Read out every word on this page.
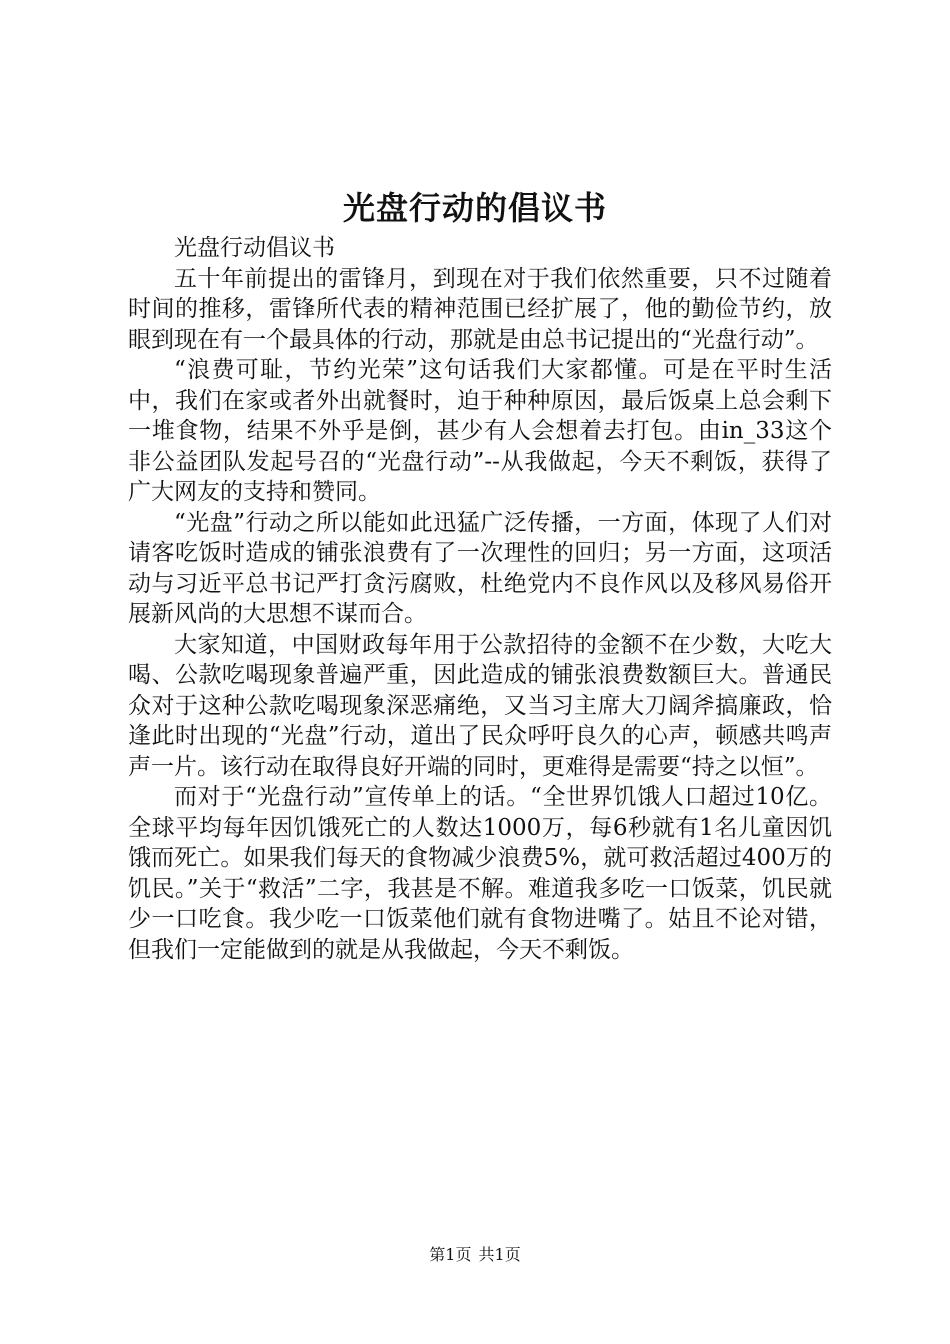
光盘行动的倡议书

光盘行动倡议书

五十年前提出的雷锋月，到现在对于我们依然重要，只不过随着时间的推移，雷锋所代表的精神范围已经扩展了，他的勤俭节约，放眼到现在有一个最具体的行动，那就是由总书记提出的“光盘行动”。

“浪费可耻，节约光荣”这句话我们大家都懂。可是在平时生活中，我们在家或者外出就餐时，迫于种种原因，最后饭桌上总会剩下一堆食物，结果不外乎是倒，甚少有人会想着去打包。由in_33这个非公益团队发起号召的“光盘行动”--从我做起，今天不剩饭，获得了广大网友的支持和赞同。

“光盘”行动之所以能如此迅猛广泛传播，一方面，体现了人们对请客吃饭时造成的铺张浪费有了一次理性的回归；另一方面，这项活动与习近平总书记严打贪污腐败，杜绝党内不良作风以及移风易俗开展新风尚的大思想不谋而合。

大家知道，中国财政每年用于公款招待的金额不在少数，大吃大喝、公款吃喝现象普遍严重，因此造成的铺张浪费数额巨大。普通民众对于这种公款吃喝现象深恶痛绝，又当习主席大刀阔斧搞廉政，恰逢此时出现的“光盘”行动，道出了民众呼吁良久的心声，顿感共鸣声声一片。该行动在取得良好开端的同时，更难得是需要“持之以恒”。

而对于“光盘行动”宣传单上的话。“全世界饥饿人口超过10亿。全球平均每年因饥饿死亡的人数达1000万，每6秒就有1名儿童因饥饿而死亡。如果我们每天的食物减少浪费5%，就可救活超过400万的饥民。”关于“救活”二字，我甚是不解。难道我多吃一口饭菜，饥民就少一口吃食。我少吃一口饭菜他们就有食物进嘴了。姑且不论对错，但我们一定能做到的就是从我做起，今天不剩饭。

第1页 共1页
